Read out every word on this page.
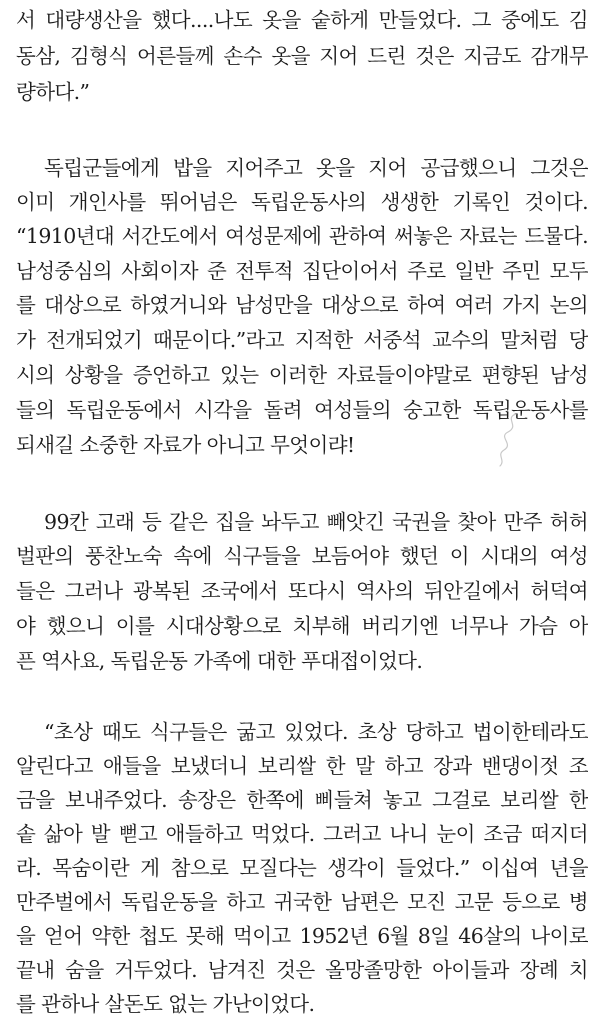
서 대량생산을 했다....나도 옷을 숱하게 만들었다. 그 중에도 김
동삼, 김형식 어른들께 손수 옷을 지어 드린 것은 지금도 감개무
량하다.”
독립군들에게 밥을 지어주고 옷을 지어 공급했으니 그것은
이미 개인사를 뛰어넘은 독립운동사의 생생한 기록인 것이다.
“1910년대 서간도에서 여성문제에 관하여 써놓은 자료는 드물다.
남성중심의 사회이자 준 전투적 집단이어서 주로 일반 주민 모두
를 대상으로 하였거니와 남성만을 대상으로 하여 여러 가지 논의
가 전개되었기 때문이다.”라고 지적한 서중석 교수의 말처럼 당
시의 상황을 증언하고 있는 이러한 자료들이야말로 편향된 남성
들의 독립운동에서 시각을 돌려 여성들의 숭고한 독립운동사를
되새길 소중한 자료가 아니고 무엇이랴!
99칸 고래 등 같은 집을 놔두고 빼앗긴 국권을 찾아 만주 허허
벌판의 풍찬노숙 속에 식구들을 보듬어야 했던 이 시대의 여성
들은 그러나 광복된 조국에서 또다시 역사의 뒤안길에서 허덕여
야 했으니 이를 시대상황으로 치부해 버리기엔 너무나 가슴 아
픈 역사요, 독립운동 가족에 대한 푸대접이었다.
“초상 때도 식구들은 굶고 있었다. 초상 당하고 법이한테라도
알린다고 애들을 보냈더니 보리쌀 한 말 하고 장과 밴댕이젓 조
금을 보내주었다. 송장은 한쪽에 삐들쳐 놓고 그걸로 보리쌀 한
솥 삶아 발 뻗고 애들하고 먹었다. 그러고 나니 눈이 조금 떠지더
라. 목숨이란 게 참으로 모질다는 생각이 들었다.” 이십여 년을
만주벌에서 독립운동을 하고 귀국한 남편은 모진 고문 등으로 병
을 얻어 약한 첩도 못해 먹이고 1952년 6월 8일 46살의 나이로
끝내 숨을 거두었다. 남겨진 것은 올망졸망한 아이들과 장례 치
를 관하나 살돈도 없는 가난이었다.
